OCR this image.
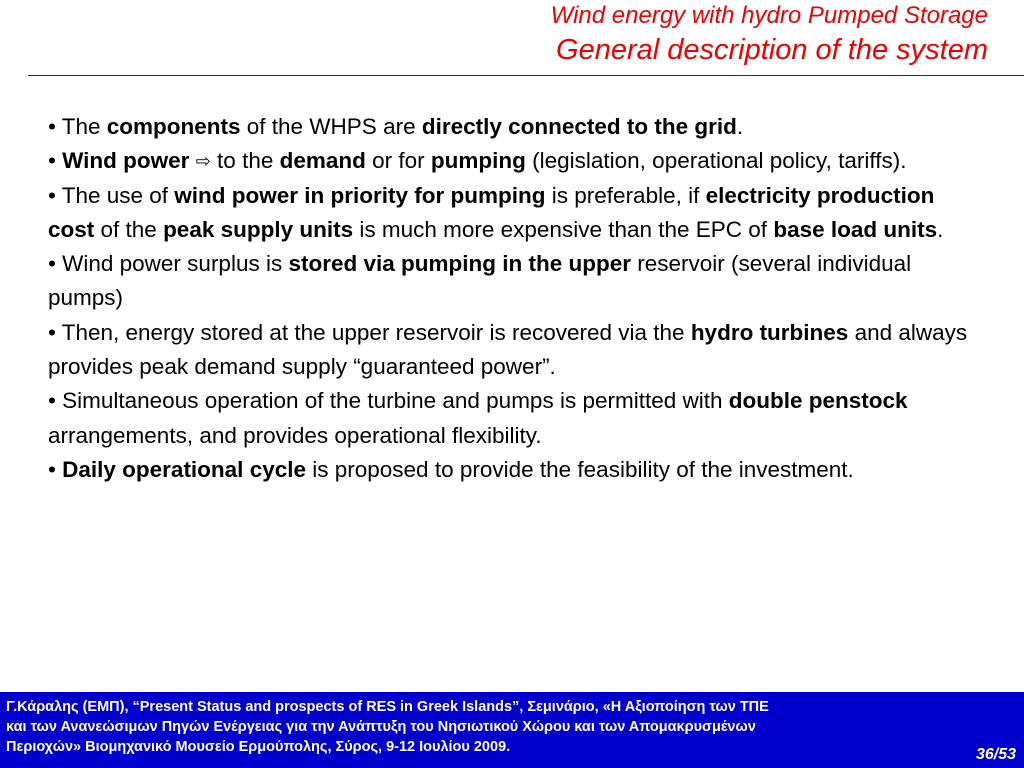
Wind energy with hydro Pumped Storage
General description of the system

• The components of the WHPS are directly connected to the grid.

• Wind power ⇨ to the demand or for pumping (legislation, operational policy, tariffs).

• The use of wind power in priority for pumping is preferable, if electricity production cost of the peak supply units is much more expensive than the EPC of base load units.

• Wind power surplus is stored via pumping in the upper reservoir (several individual pumps)

• Then, energy stored at the upper reservoir is recovered via the hydro turbines and always provides peak demand supply “guaranteed power”.

• Simultaneous operation of the turbine and pumps is permitted with double penstock arrangements, and provides operational flexibility.

• Daily operational cycle is proposed to provide the feasibility of the investment.

Γ.Κάραλης (ΕΜΠ), “Present Status and prospects of RES in Greek Islands”, Σεμινάριο, «Η Αξιοποίηση των ΤΠΕ
και των Ανανεώσιμων Πηγών Ενέργειας για την Ανάπτυξη του Νησιωτικού Χώρου και των Απομακρυσμένων
Περιοχών» Βιομηχανικό Μουσείο Ερμούπολης, Σύρος, 9-12 Ιουλίου 2009.	36/53
